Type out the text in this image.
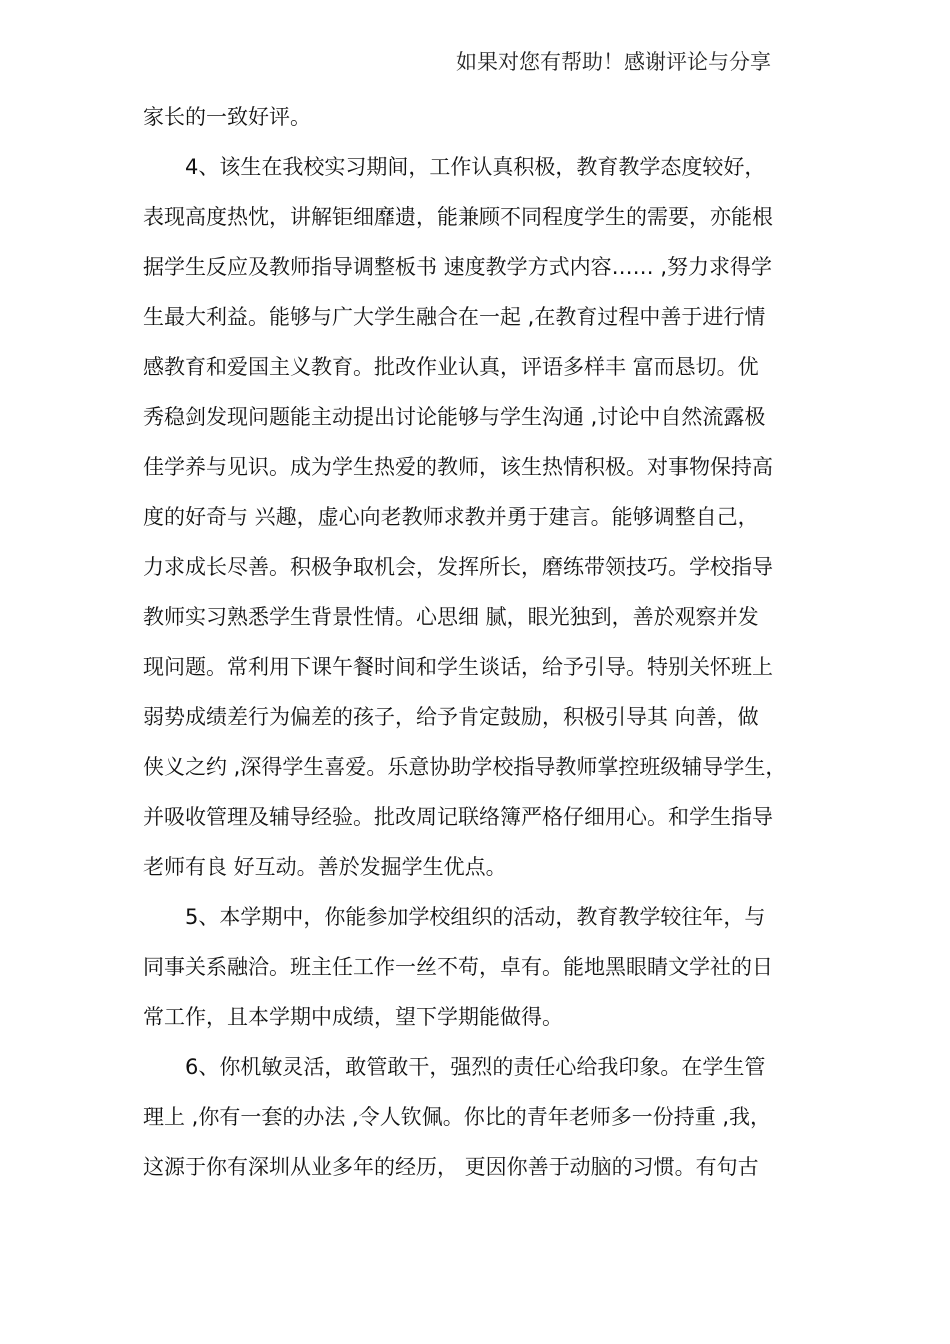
如果对您有帮助！感谢评论与分享

家长的一致好评。
4、该生在我校实习期间，工作认真积极，教育教学态度较好，
表现高度热忱，讲解钜细靡遗，能兼顾不同程度学生的需要，亦能根
据学生反应及教师指导调整板书 速度教学方式内容…… ,努力求得学
生最大利益。能够与广大学生融合在一起 ,在教育过程中善于进行情
感教育和爱国主义教育。批改作业认真，评语多样丰 富而恳切。优
秀稳剑发现问题能主动提出讨论能够与学生沟通 ,讨论中自然流露极
佳学养与见识。成为学生热爱的教师，该生热情积极。对事物保持高
度的好奇与 兴趣，虚心向老教师求教并勇于建言。能够调整自己，
力求成长尽善。积极争取机会，发挥所长，磨练带领技巧。学校指导
教师实习熟悉学生背景性情。心思细 腻，眼光独到，善於观察并发
现问题。常利用下课午餐时间和学生谈话，给予引导。特别关怀班上
弱势成绩差行为偏差的孩子，给予肯定鼓励，积极引导其 向善，做
侠义之约 ,深得学生喜爱。乐意协助学校指导教师掌控班级辅导学生，
并吸收管理及辅导经验。批改周记联络簿严格仔细用心。和学生指导
老师有良 好互动。善於发掘学生优点。
5、本学期中，你能参加学校组织的活动，教育教学较往年，与
同事关系融洽。班主任工作一丝不苟，卓有。能地黑眼睛文学社的日
常工作，且本学期中成绩，望下学期能做得。
6、你机敏灵活，敢管敢干，强烈的责任心给我印象。在学生管
理上 ,你有一套的办法 ,令人钦佩。你比的青年老师多一份持重 ,我，
这源于你有深圳从业多年的经历， 更因你善于动脑的习惯。有句古
